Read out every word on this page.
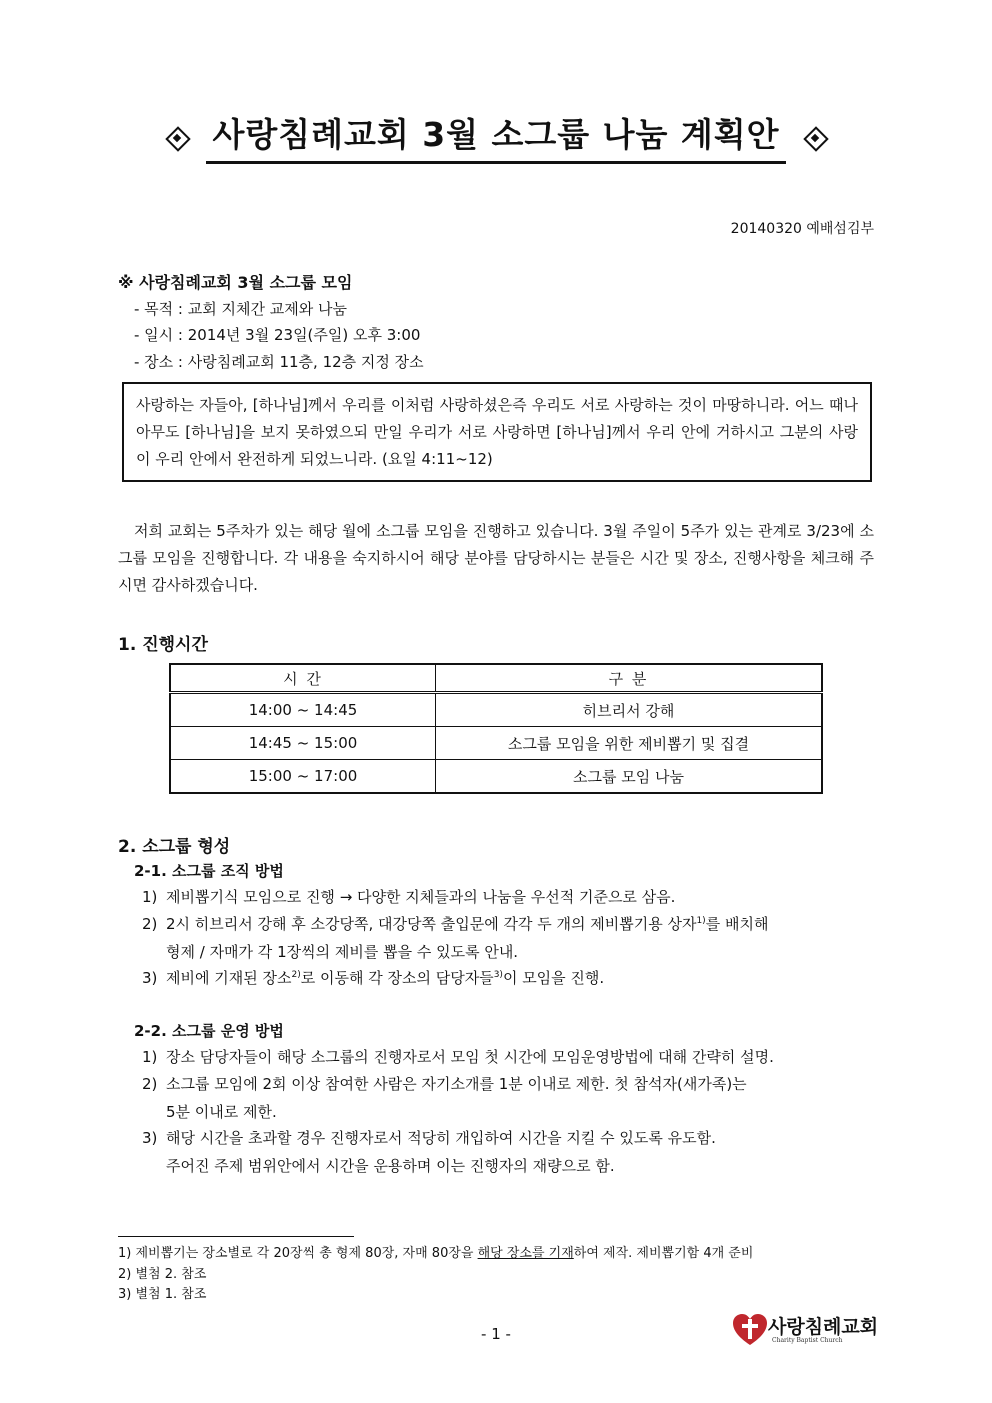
사랑침례교회 3월 소그룹 나눔 계획안
20140320 예배섬김부
※ 사랑침례교회 3월 소그룹 모임
- 목적 : 교회 지체간 교제와 나눔
- 일시 : 2014년 3월 23일(주일) 오후 3:00
- 장소 : 사랑침례교회 11층, 12층 지정 장소
사랑하는 자들아, [하나님]께서 우리를 이처럼 사랑하셨은즉 우리도 서로 사랑하는 것이 마땅하니라. 어느 때나 아무도 [하나님]을 보지 못하였으되 만일 우리가 서로 사랑하면 [하나님]께서 우리 안에 거하시고 그분의 사랑이 우리 안에서 완전하게 되었느니라. (요일 4:11~12)
저희 교회는 5주차가 있는 해당 월에 소그룹 모임을 진행하고 있습니다. 3월 주일이 5주가 있는 관계로 3/23에 소그룹 모임을 진행합니다. 각 내용을 숙지하시어 해당 분야를 담당하시는 분들은 시간 및 장소, 진행사항을 체크해 주시면 감사하겠습니다.
1. 진행시간
시 간	구 분
14:00 ~ 14:45	히브리서 강해
14:45 ~ 15:00	소그룹 모임을 위한 제비뽑기 및 집결
15:00 ~ 17:00	소그룹 모임 나눔
2. 소그룹 형성
2-1. 소그룹 조직 방법
1) 제비뽑기식 모임으로 진행 → 다양한 지체들과의 나눔을 우선적 기준으로 삼음.
2) 2시 히브리서 강해 후 소강당쪽, 대강당쪽 출입문에 각각 두 개의 제비뽑기용 상자$^{1)}$를 배치해
형제 / 자매가 각 1장씩의 제비를 뽑을 수 있도록 안내.
3) 제비에 기재된 장소$^{2)}$로 이동해 각 장소의 담당자들$^{3)}$이 모임을 진행.
2-2. 소그룹 운영 방법
1) 장소 담당자들이 해당 소그룹의 진행자로서 모임 첫 시간에 모임운영방법에 대해 간략히 설명.
2) 소그룹 모임에 2회 이상 참여한 사람은 자기소개를 1분 이내로 제한. 첫 참석자(새가족)는
5분 이내로 제한.
3) 해당 시간을 초과할 경우 진행자로서 적당히 개입하여 시간을 지킬 수 있도록 유도함.
주어진 주제 범위안에서 시간을 운용하며 이는 진행자의 재량으로 함.
1) 제비뽑기는 장소별로 각 20장씩 총 형제 80장, 자매 80장을 해당 장소를 기재하여 제작. 제비뽑기함 4개 준비
2) 별첨 2. 참조
3) 별첨 1. 참조
- 1 -	사랑침례교회
Charity Baptist Church
